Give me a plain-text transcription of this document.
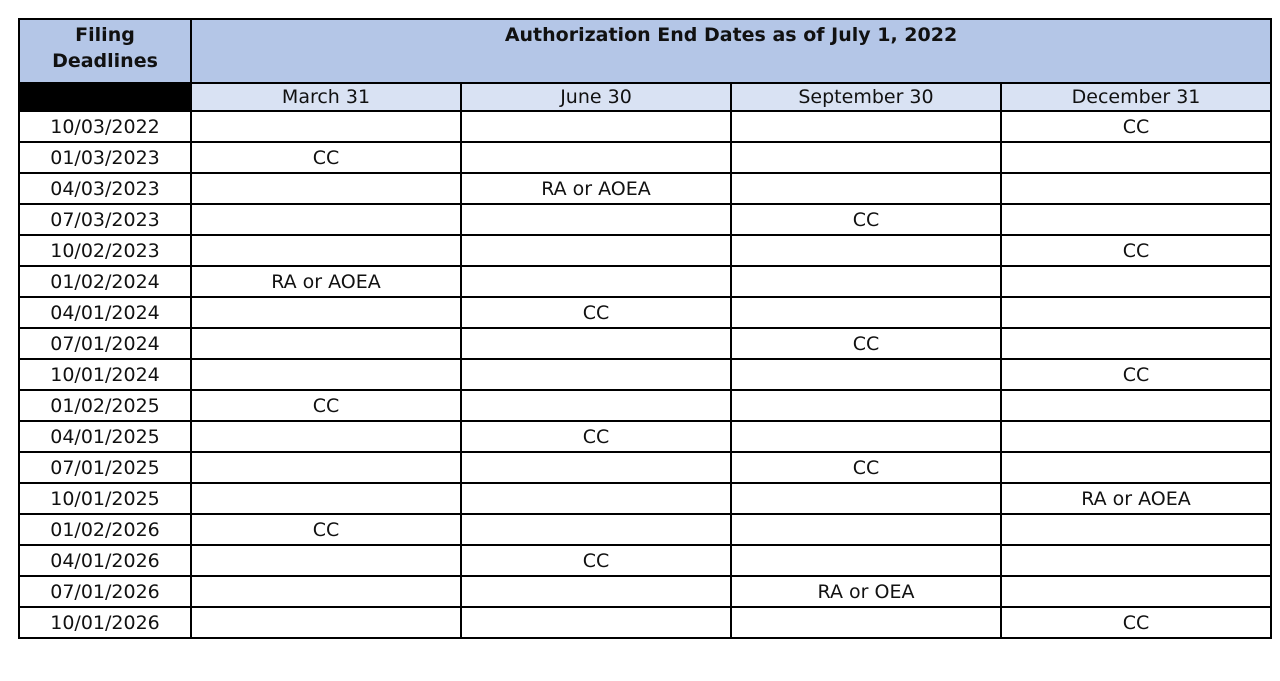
Filing Deadlines	Authorization End Dates as of July 1, 2022			
	March 31	June 30	September 30	December 31
10/03/2022				CC
01/03/2023	CC			
04/03/2023		RA or AOEA		
07/03/2023			CC	
10/02/2023				CC
01/02/2024	RA or AOEA			
04/01/2024		CC		
07/01/2024			CC	
10/01/2024				CC
01/02/2025	CC			
04/01/2025		CC		
07/01/2025			CC	
10/01/2025				RA or AOEA
01/02/2026	CC			
04/01/2026		CC		
07/01/2026			RA or OEA	
10/01/2026				CC
